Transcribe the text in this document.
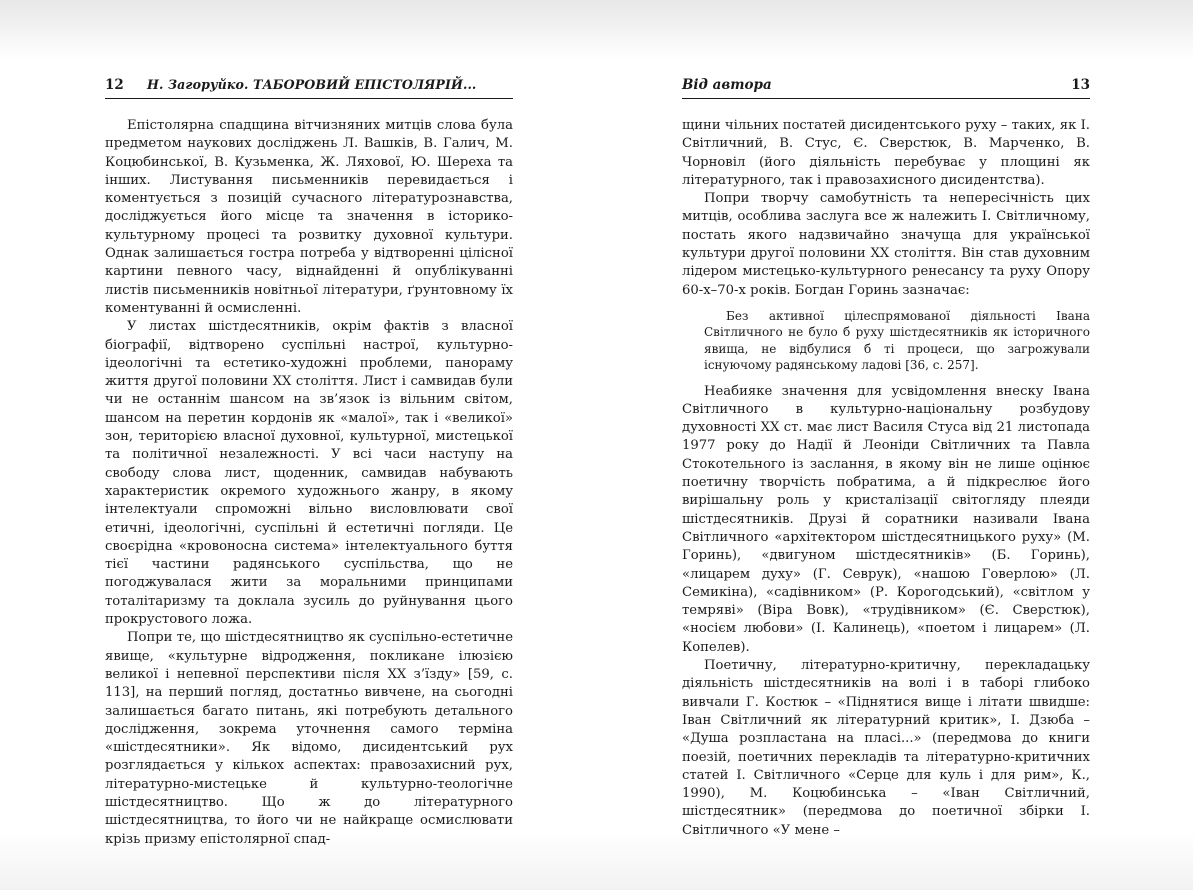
12 Н. Загоруйко. ТАБОРОВИЙ ЕПІСТОЛЯРІЙ...

Епістолярна спадщина вітчизняних митців слова була предметом наукових досліджень Л. Вашків, В. Галич, М. Коцюбинської, В. Кузьменка, Ж. Ляхової, Ю. Шереха та інших. Листування письменників перевидається і коментується з позицій сучасного літературознавства, досліджується його місце та значення в історико-культурному процесі та розвитку духовної культури. Однак залишається гостра потреба у відтворенні цілісної картини певного часу, віднайденні й опублікуванні листів письменників новітньої літератури, ґрунтовному їх коментуванні й осмисленні.

У листах шістдесятників, окрім фактів з власної біографії, відтворено суспільні настрої, культурно-ідеологічні та естетико-художні проблеми, панораму життя другої половини ХХ століття. Лист і самвидав були чи не останнім шансом на зв’язок із вільним світом, шансом на перетин кордонів як «малої», так і «великої» зон, територією власної духовної, культурної, мистецької та політичної незалежності. У всі часи наступу на свободу слова лист, щоденник, самвидав набувають характеристик окремого художнього жанру, в якому інтелектуали спроможні вільно висловлювати свої етичні, ідеологічні, суспільні й естетичні погляди. Це своєрідна «кровоносна система» інтелектуального буття тієї частини радянського суспільства, що не погоджувалася жити за моральними принципами тоталітаризму та доклала зусиль до руйнування цього прокрустового ложа.

Попри те, що шістдесятництво як суспільно-естетичне явище, «культурне відродження, покликане ілюзією великої і непевної перспективи після ХХ з’їзду» [59, с. 113], на перший погляд, достатньо вивчене, на сьогодні залишається багато питань, які потребують детального дослідження, зокрема уточнення самого терміна «шістдесятники». Як відомо, дисидентський рух розглядається у кількох аспектах: правозахисний рух, літературно-мистецьке й культурно-теологічне шістдесятництво. Що ж до літературного шістдесятництва, то його чи не найкраще осмислювати крізь призму епістолярної спад-

Від автора	13

щини чільних постатей дисидентського руху – таких, як І. Світличний, В. Стус, Є. Сверстюк, В. Марченко, В. Чорновіл (його діяльність перебуває у площині як літературного, так і правозахисного дисидентства).

Попри творчу самобутність та непересічність цих митців, особлива заслуга все ж належить І. Світличному, постать якого надзвичайно значуща для української культури другої половини ХХ століття. Він став духовним лідером мистецько-культурного ренесансу та руху Опору 60-х–70-х років. Богдан Горинь зазначає:

Без активної цілеспрямованої діяльності Івана Світличного не було б руху шістдесятників як історичного явища, не відбулися б ті процеси, що загрожували існуючому радянському ладові [36, с. 257].

Неабияке значення для усвідомлення внеску Івана Світличного в культурно-національну розбудову духовності ХХ ст. має лист Василя Стуса від 21 листопада 1977 року до Надії й Леоніди Світличних та Павла Стокотельного із заслання, в якому він не лише оцінює поетичну творчість побратима, а й підкреслює його вирішальну роль у кристалізації світогляду плеяди шістдесятників. Друзі й соратники називали Івана Світличного «архітектором шістдесятницького руху» (М. Горинь), «двигуном шістдесятників» (Б. Горинь), «лицарем духу» (Г. Севрук), «нашою Говерлою» (Л. Семикіна), «садівником» (Р. Корогодський), «світлом у темряві» (Віра Вовк), «трудівником» (Є. Сверстюк), «носієм любови» (І. Калинець), «поетом і лицарем» (Л. Копелев).

Поетичну, літературно-критичну, перекладацьку діяльність шістдесятників на волі і в таборі глибоко вивчали Г. Костюк – «Піднятися вище і літати швидше: Іван Світличний як літературний критик», І. Дзюба – «Душа розпластана на пласі...» (передмова до книги поезій, поетичних перекладів та літературно-критичних статей І. Світличного «Серце для куль і для рим», К., 1990), М. Коцюбинська – «Іван Світличний, шістдесятник» (передмова до поетичної збірки І. Світличного «У мене –
